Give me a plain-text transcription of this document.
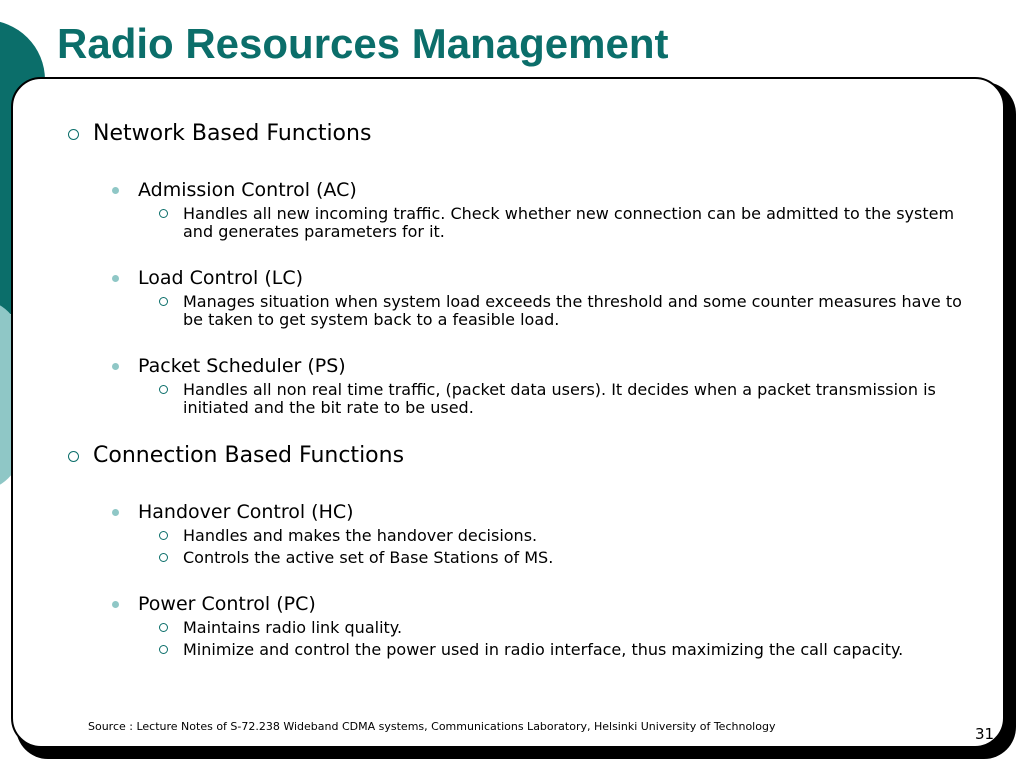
Radio Resources Management
Network Based Functions
Admission Control (AC)
Handles all new incoming traffic. Check whether new connection can be admitted to the system and generates parameters for it.
Load Control (LC)
Manages situation when system load exceeds the threshold and some counter measures have to be taken to get system back to a feasible load.
Packet Scheduler (PS)
Handles all non real time traffic, (packet data users). It decides when a packet transmission is initiated and the bit rate to be used.
Connection Based Functions
Handover Control (HC)
Handles and makes the handover decisions.
Controls the active set of Base Stations of MS.
Power Control (PC)
Maintains radio link quality.
Minimize and control the power used in radio interface, thus maximizing the call capacity.
Source : Lecture Notes of S-72.238 Wideband CDMA systems, Communications Laboratory, Helsinki University of Technology	31
